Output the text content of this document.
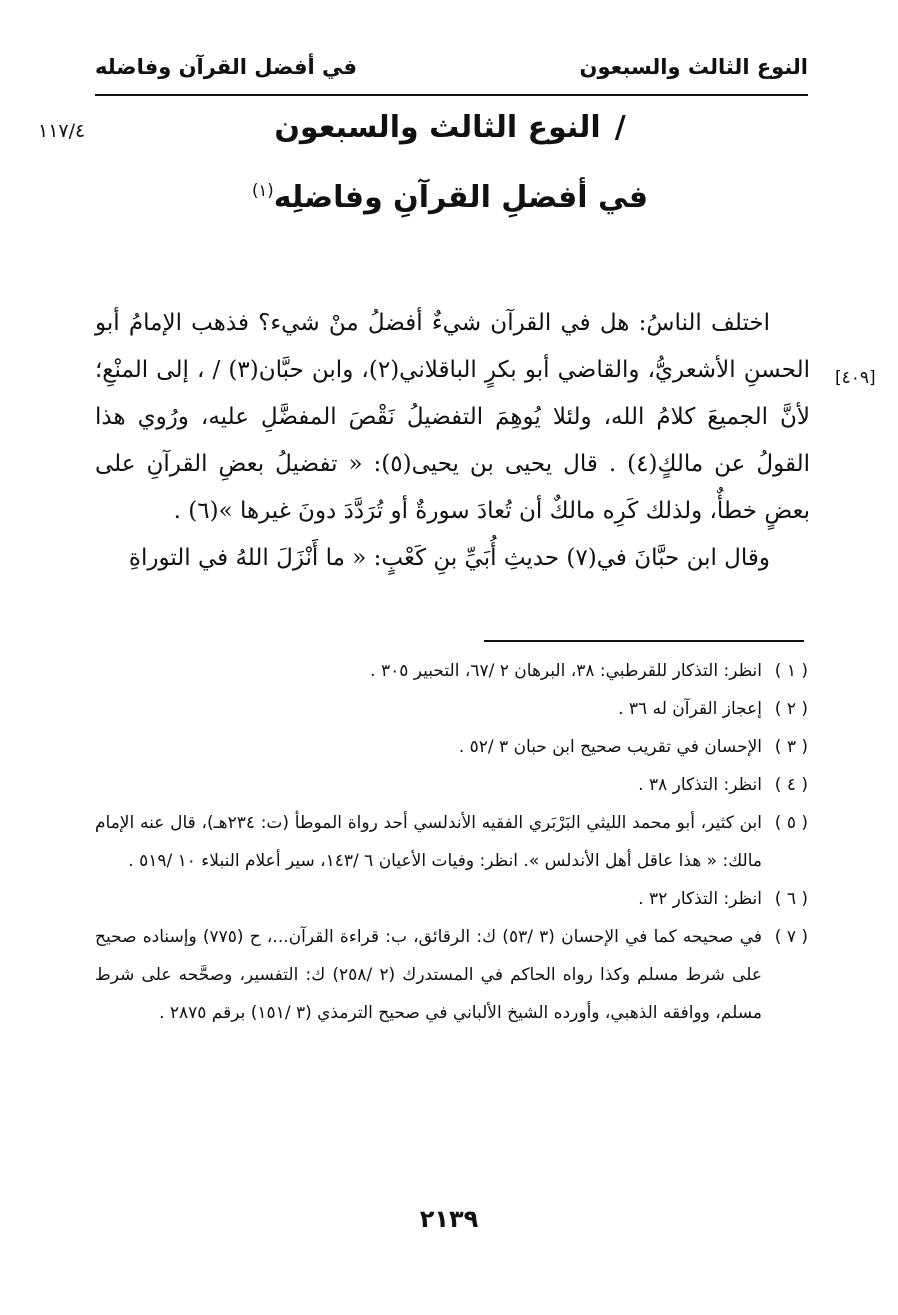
النوع الثالث والسبعون
في أفضل القرآن وفاضله
١١٧/٤	/النوع الثالث والسبعون
في أفضلِ القرآنِ وفاضلِه$^{(١)}$
[٤٠٩]

اختلف الناسُ: هل في القرآن شيءٌ أفضلُ منْ شيء؟ فذهب الإمامُ أبو الحسنِ الأشعريُّ، والقاضي أبو بكرٍ الباقلاني(٢)، وابن حبَّان(٣) / ، إلى المنْعِ؛ لأنَّ الجميعَ كلامُ الله، ولئلا يُوهِمَ التفضيلُ نَقْصَ المفضَّلِ عليه، ورُوي هذا القولُ عن مالكٍ(٤) . قال يحيى بن يحيى(٥): « تفضيلُ بعضِ القرآنِ على بعضٍ خطأٌ، ولذلك كَرِه مالكٌ أن تُعادَ سورةٌ أو تُرَدَّدَ دونَ غيرها »(٦) .

وقال ابن حبَّانَ في(٧) حديثِ أُبَيِّ بنِ كَعْبٍ: « ما أَنْزَلَ اللهُ في التوراةِ

( ١ )
انظر: التذكار للقرطبي: ٣٨، البرهان ٢ /٦٧، التحبير ٣٠٥ .
( ٢ )
إعجاز القرآن له ٣٦ .
( ٣ )
الإحسان في تقريب صحيح ابن حبان ٣ /٥٢ .
( ٤ )
انظر: التذكار ٣٨ .
( ٥ )
ابن كثير، أبو محمد الليثي البَرْبَري الفقيه الأندلسي أحد رواة الموطأ (ت: ٢٣٤هـ)، قال عنه الإمام مالك: « هذا عاقل أهل الأندلس ». انظر: وفيات الأعيان ٦ /١٤٣، سير أعلام النبلاء ١٠ /٥١٩ .
( ٦ )
انظر: التذكار ٣٢ .
( ٧ )
في صحيحه كما في الإحسان (٣ /٥٣) ك: الرقائق، ب: قراءة القرآن...، ح (٧٧٥) وإسناده صحيح على شرط مسلم وكذا رواه الحاكم في المستدرك (٢ /٢٥٨) ك: التفسير، وصحَّحه على شرط مسلم، ووافقه الذهبي، وأورده الشيخ الألباني في صحيح الترمذي (٣ /١٥١) برقم ٢٨٧٥ .
٢١٣٩
